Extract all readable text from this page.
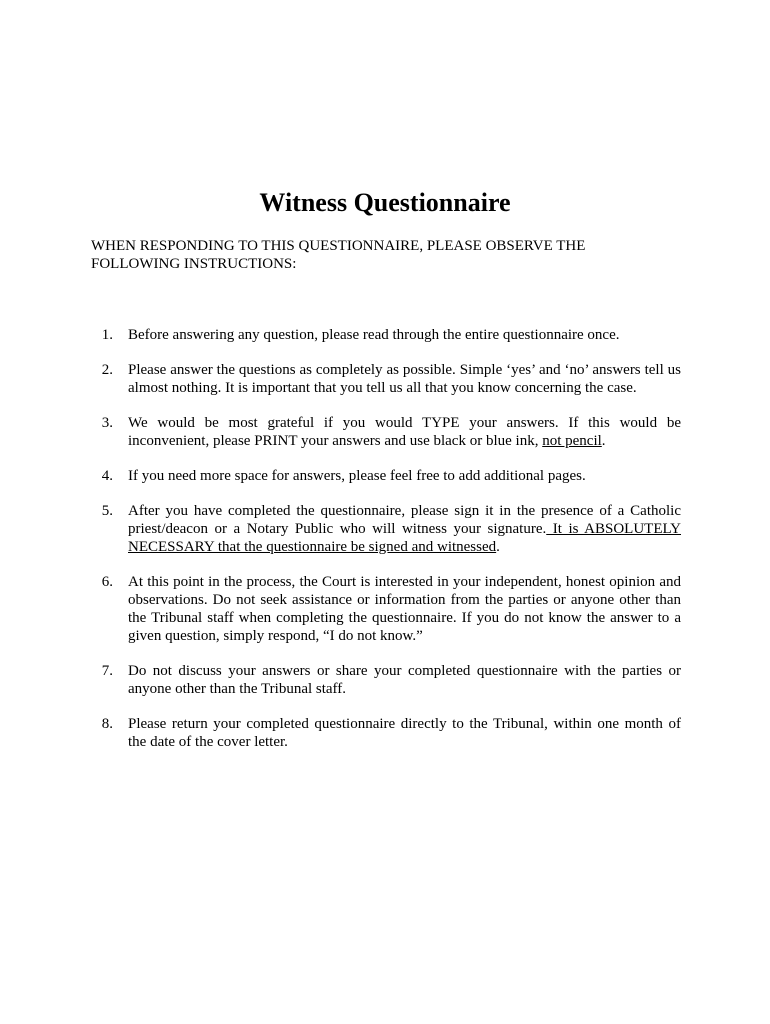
Witness Questionnaire
WHEN RESPONDING TO THIS QUESTIONNAIRE, PLEASE OBSERVE THE
FOLLOWING INSTRUCTIONS:
1.	Before answering any question, please read through the entire questionnaire once.
2.	Please answer the questions as completely as possible. Simple ‘yes’ and ‘no’ answers tell us almost nothing. It is important that you tell us all that you know concerning the case.
3.	We would be most grateful if you would TYPE your answers. If this would be inconvenient, please PRINT your answers and use black or blue ink, not pencil.
4.	If you need more space for answers, please feel free to add additional pages.
5.	After you have completed the questionnaire, please sign it in the presence of a Catholic priest/deacon or a Notary Public who will witness your signature. It is ABSOLUTELY NECESSARY that the questionnaire be signed and witnessed.
6.	At this point in the process, the Court is interested in your independent, honest opinion and observations. Do not seek assistance or information from the parties or anyone other than the Tribunal staff when completing the questionnaire. If you do not know the answer to a given question, simply respond, “I do not know.”
7.	Do not discuss your answers or share your completed questionnaire with the parties or anyone other than the Tribunal staff.
8.	Please return your completed questionnaire directly to the Tribunal, within one month of the date of the cover letter.
